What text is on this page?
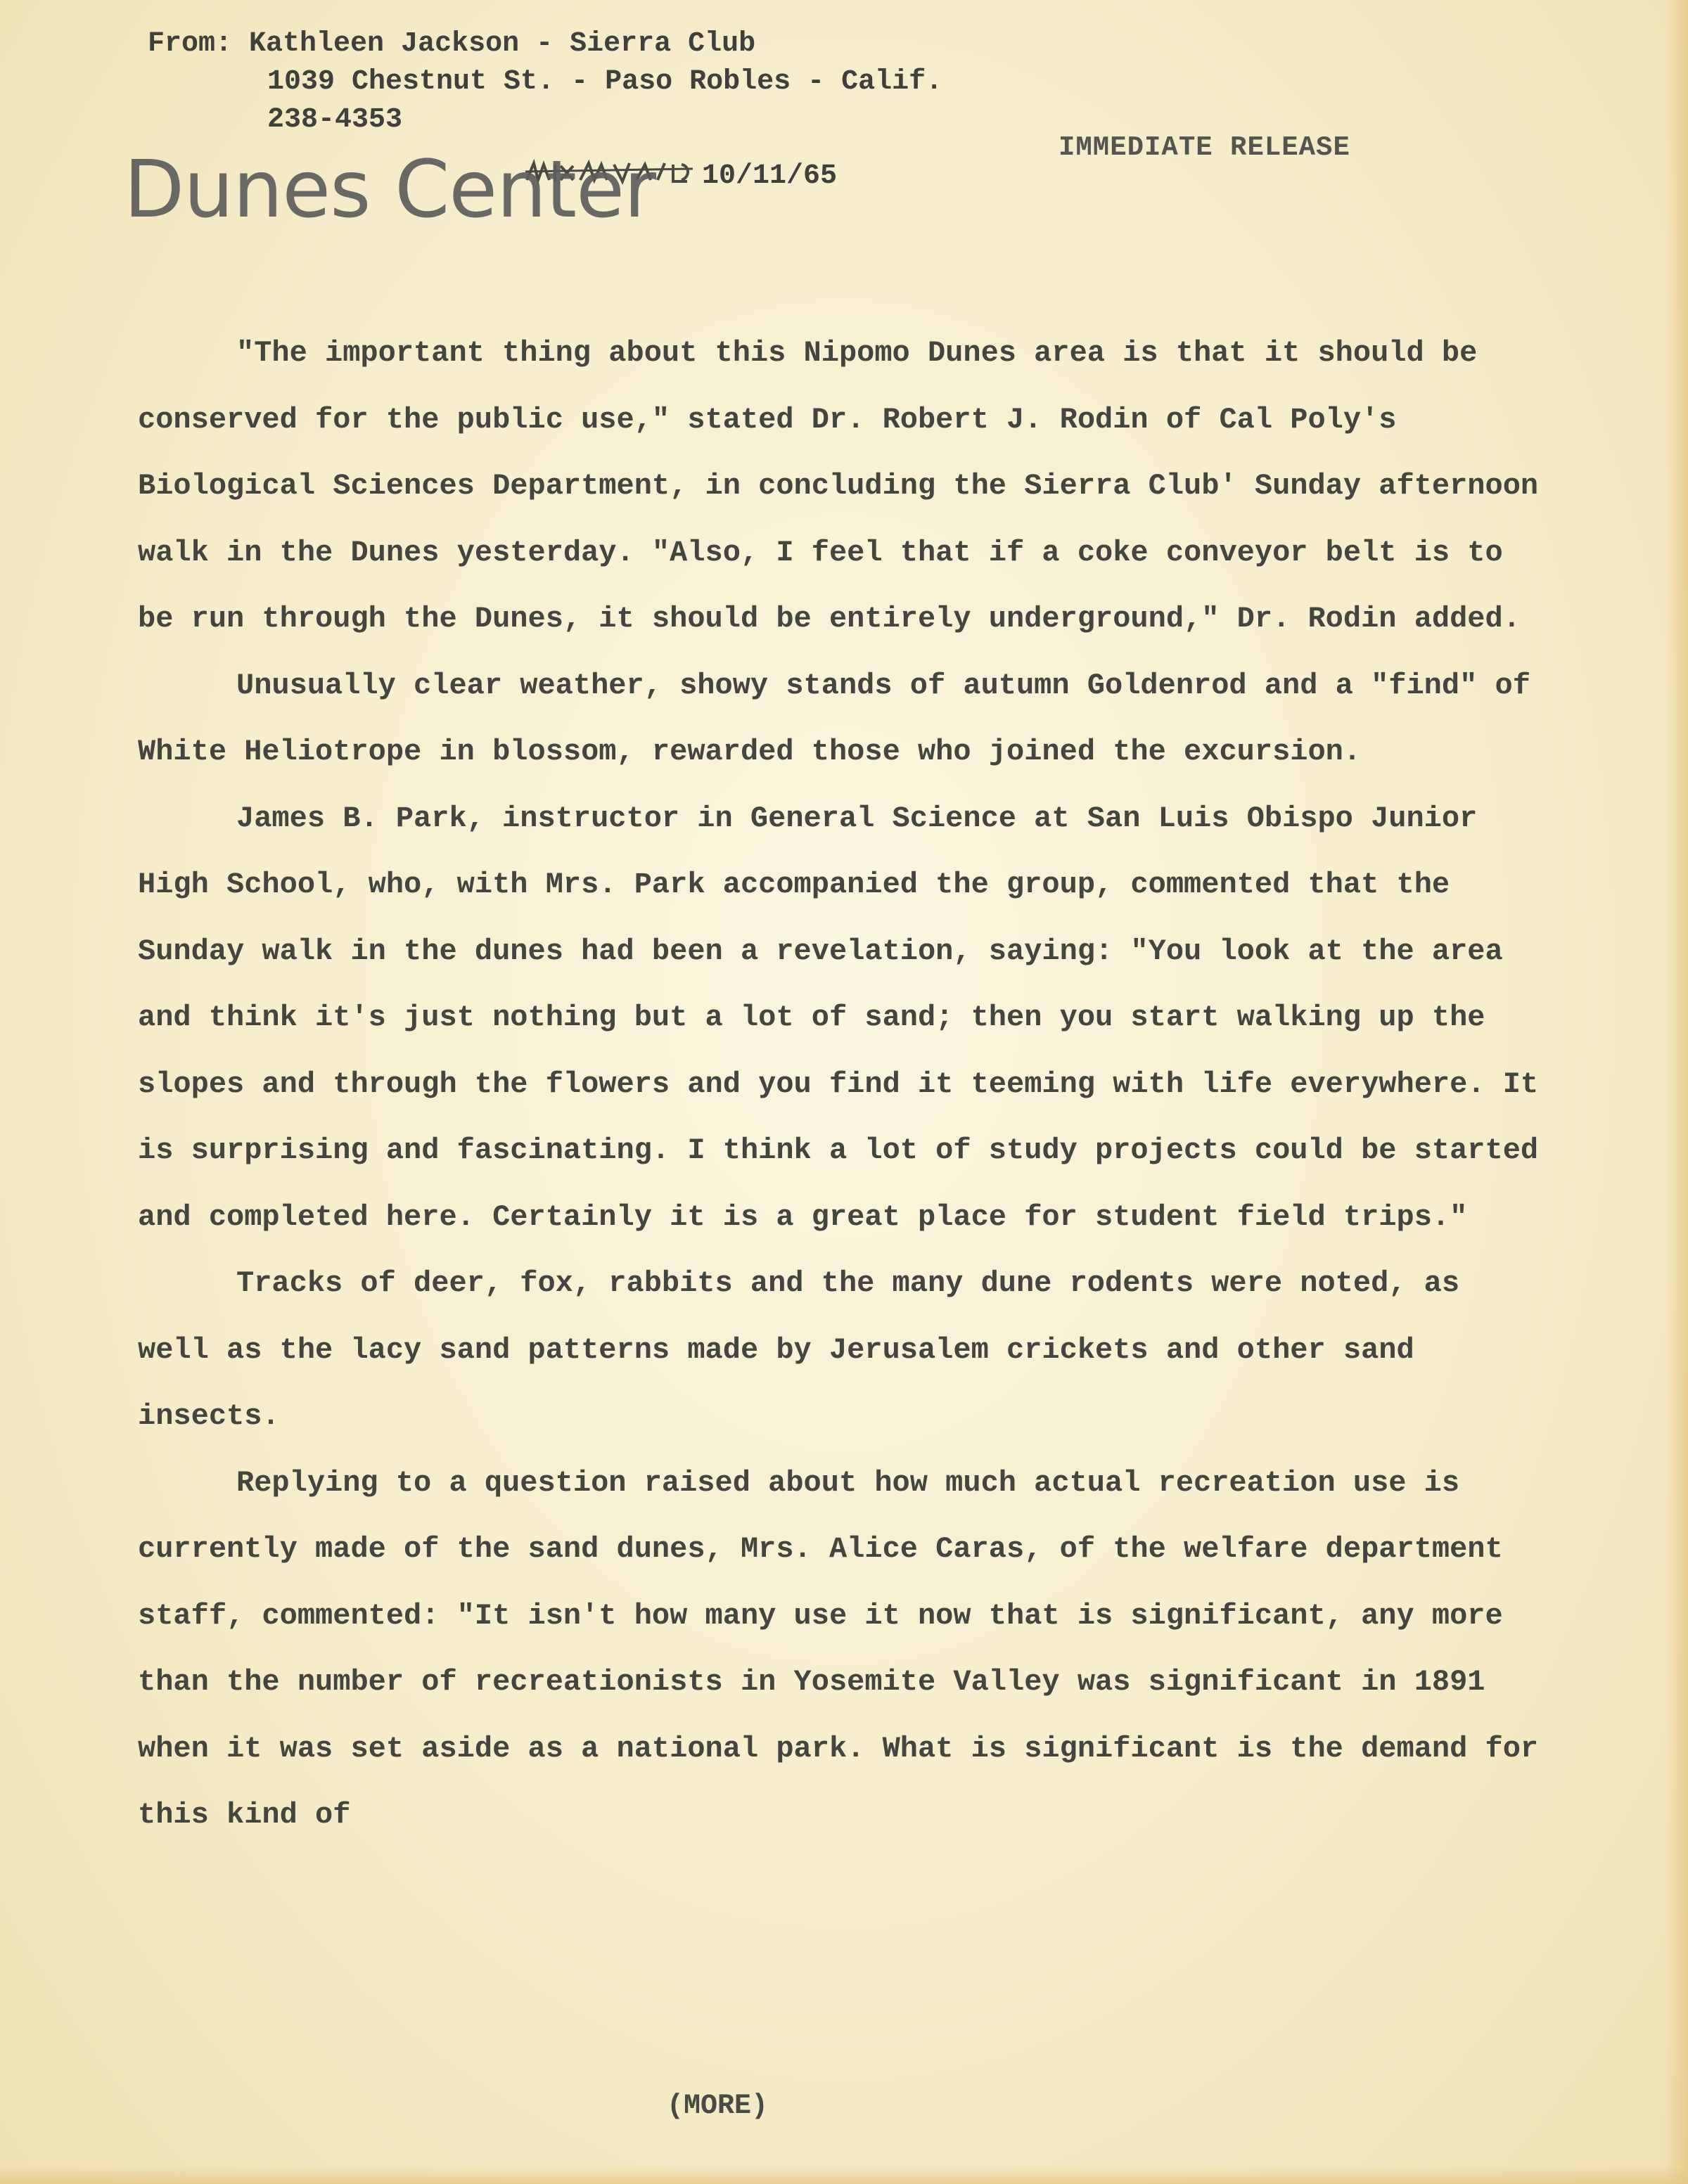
From: Kathleen Jackson - Sierra Club
1039 Chestnut St. - Paso Robles - Calif.
238-4353
IMMEDIATE RELEASE
10/11/65
Dunes Center

"The important thing about this Nipomo Dunes area is that it should be conserved for the public use," stated Dr. Robert J. Rodin of Cal Poly's Biological Sciences Department, in concluding the Sierra Club' Sunday afternoon walk in the Dunes yesterday. "Also, I feel that if a coke conveyor belt is to be run through the Dunes, it should be entirely underground," Dr. Rodin added.

Unusually clear weather, showy stands of autumn Goldenrod and a "find" of White Heliotrope in blossom, rewarded those who joined the excursion.

James B. Park, instructor in General Science at San Luis Obispo Junior High School, who, with Mrs. Park accompanied the group, commented that the Sunday walk in the dunes had been a revelation, saying: "You look at the area and think it's just nothing but a lot of sand; then you start walking up the slopes and through the flowers and you find it teeming with life everywhere. It is surprising and fascinating. I think a lot of study projects could be started and completed here. Certainly it is a great place for student field trips."

Tracks of deer, fox, rabbits and the many dune rodents were noted, as well as the lacy sand patterns made by Jerusalem crickets and other sand insects.

Replying to a question raised about how much actual recreation use is currently made of the sand dunes, Mrs. Alice Caras, of the welfare department staff, commented: "It isn't how many use it now that is significant, any more than the number of recreationists in Yosemite Valley was significant in 1891 when it was set aside as a national park. What is significant is the demand for this kind of

(MORE)
